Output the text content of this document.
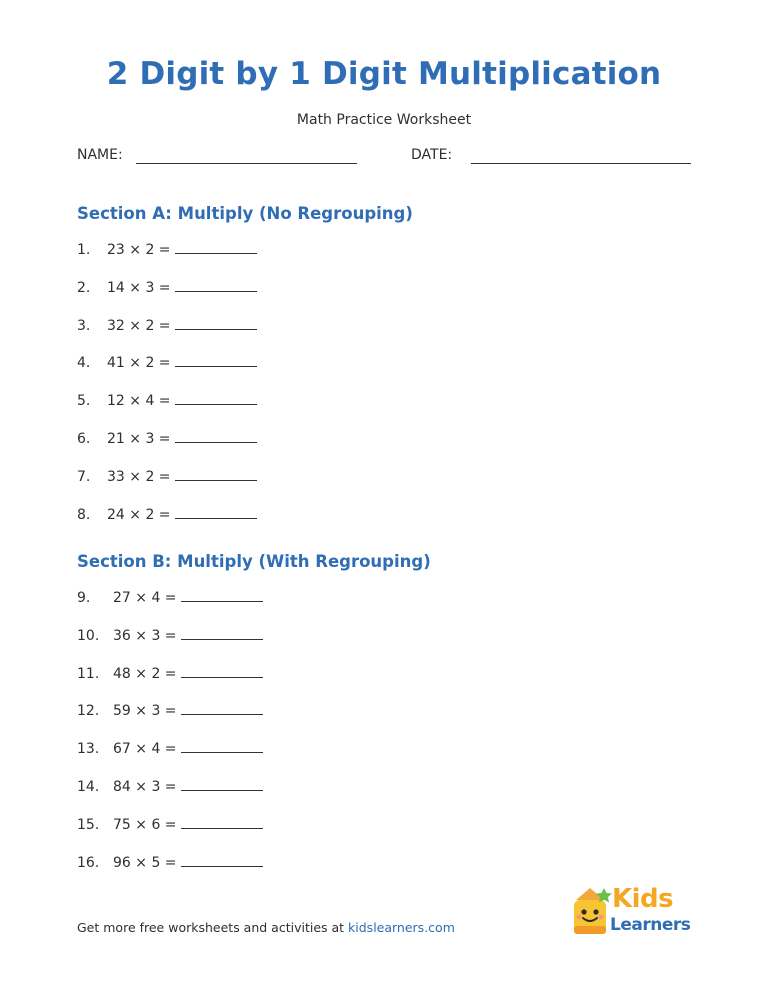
2 Digit by 1 Digit Multiplication
Math Practice Worksheet
NAME:	DATE:
Section A: Multiply (No Regrouping)
1.	23 × 2 =
2.	14 × 3 =
3.	32 × 2 =
4.	41 × 2 =
5.	12 × 4 =
6.	21 × 3 =
7.	33 × 2 =
8.	24 × 2 =
Section B: Multiply (With Regrouping)
9.	27 × 4 =
10. 36 × 3 =
11. 48 × 2 =
12. 59 × 3 =
13. 67 × 4 =
14. 84 × 3 =
15. 75 × 6 =
16. 96 × 5 =
Get more free worksheets and activities at kidslearners.com
Kids
Learners
